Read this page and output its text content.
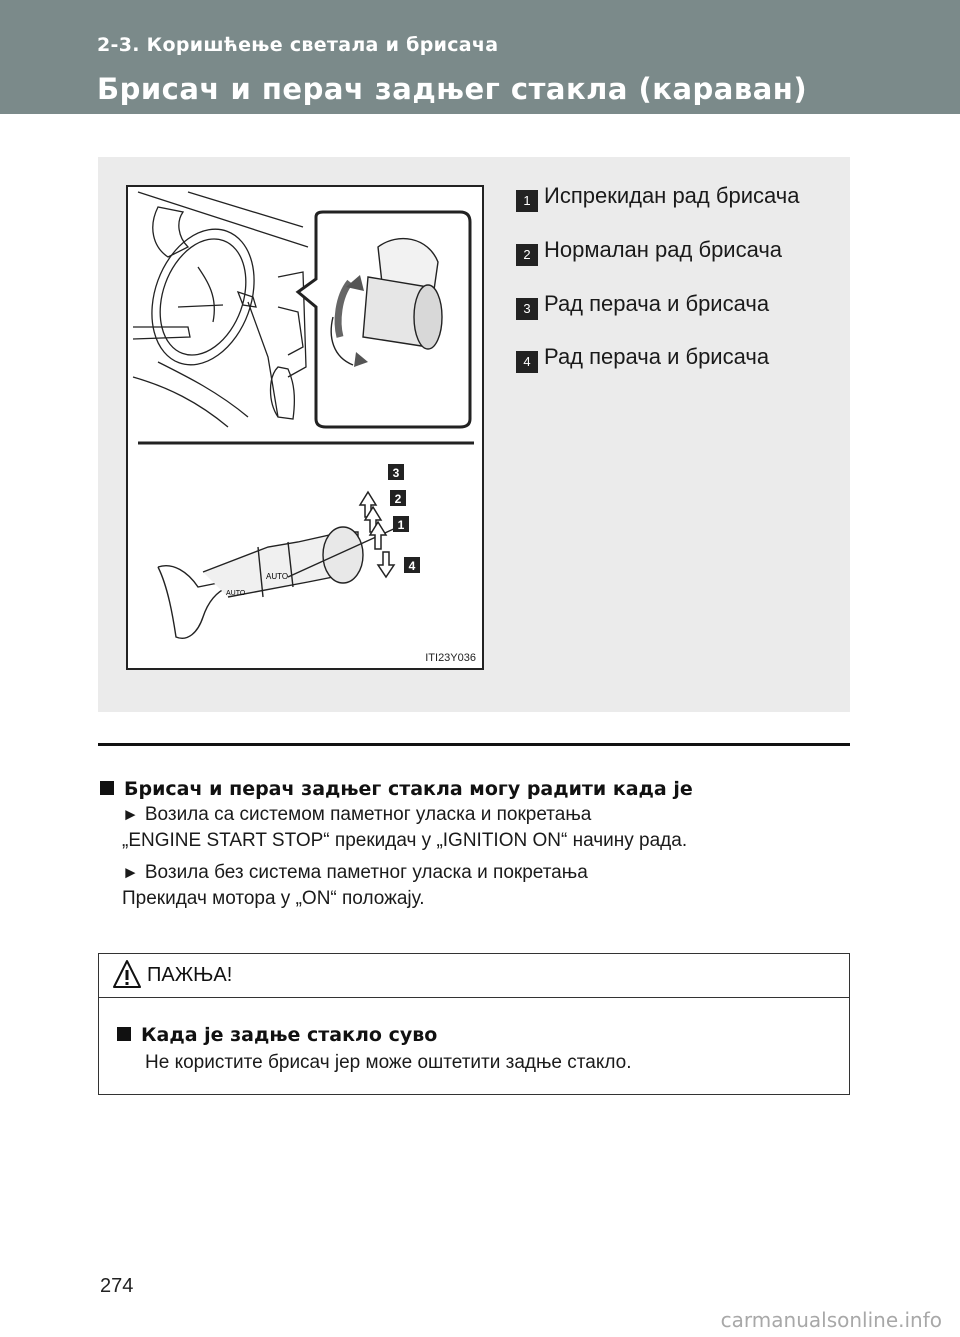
2-3. Коришћење светала и брисача
Брисач и перач задњег стакла (караван)
AUTO
AUTO
3
2
1
4
ITI23Y036
1 Испрекидан рад брисача
2 Нормалан рад брисача
3 Рад перача и брисача
4 Рад перача и брисача
Брисач и перач задњег стакла могу радити када је
► Возила са системом паметног уласка и покретања
„ENGINE START STOP“ прекидач у „IGNITION ON“ начину рада.
► Возила без система паметног уласка и покретања
Прекидач мотора у „ON“ положају.
ПАЖЊА!
Када је задње стакло суво
Не користите брисач јер може оштетити задње стакло.
274
carmanualsonline.info
